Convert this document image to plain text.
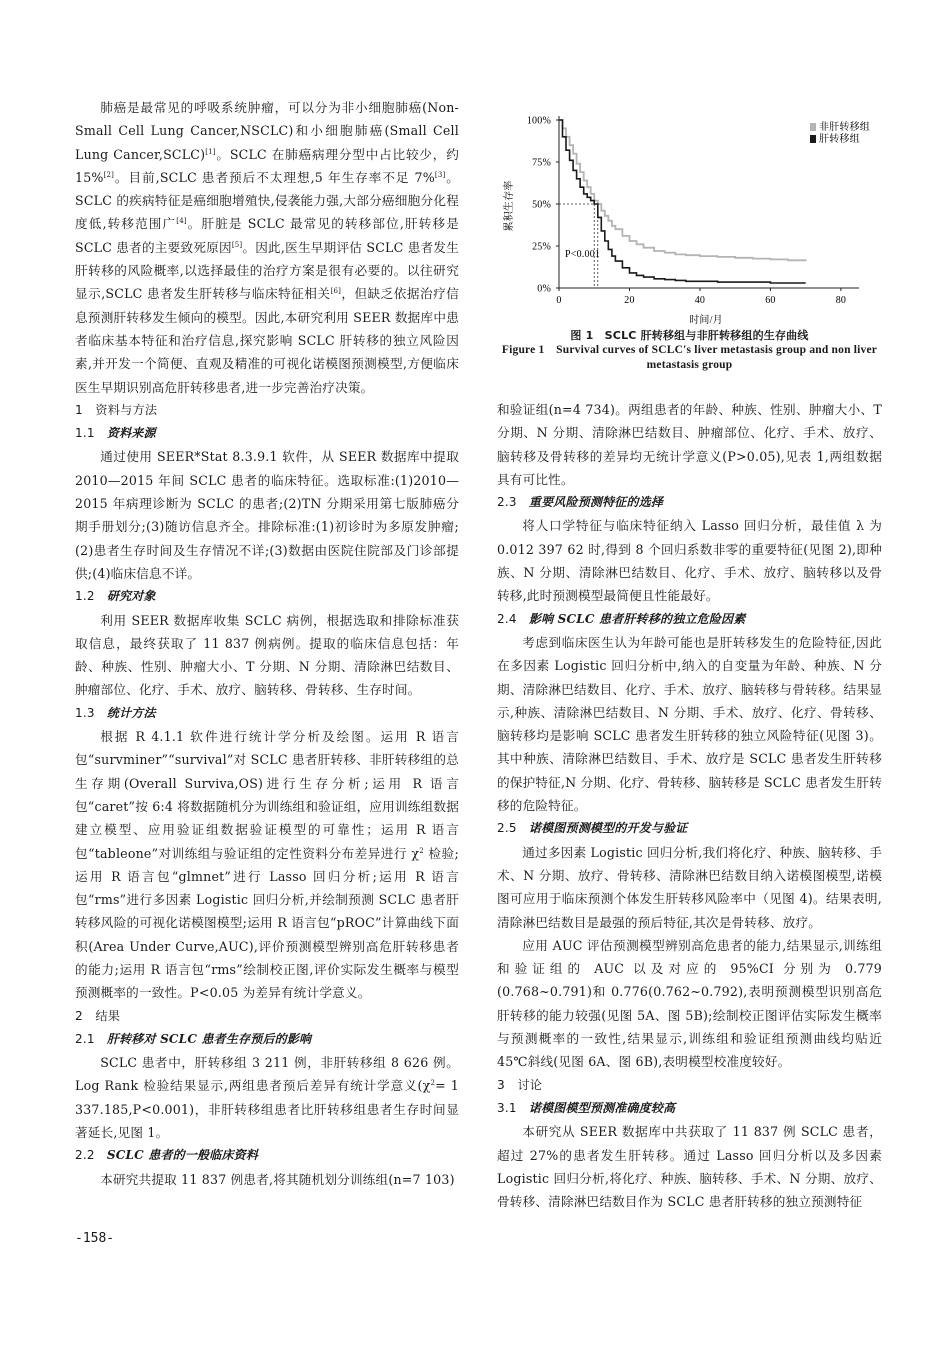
肺癌是最常见的呼吸系统肿瘤，可以分为非小细胞肺癌(Non-Small Cell Lung Cancer,NSCLC)和小细胞肺癌(Small Cell Lung Cancer,SCLC)[1]。SCLC 在肺癌病理分型中占比较少，约 15%[2]。目前,SCLC 患者预后不太理想,5 年生存率不足 7%[3]。SCLC 的疾病特征是癌细胞增殖快,侵袭能力强,大部分癌细胞分化程度低,转移范围广[4]。肝脏是 SCLC 最常见的转移部位,肝转移是 SCLC 患者的主要致死原因[5]。因此,医生早期评估 SCLC 患者发生肝转移的风险概率,以选择最佳的治疗方案是很有必要的。以往研究显示,SCLC 患者发生肝转移与临床特征相关[6]，但缺乏依据治疗信息预测肝转移发生倾向的模型。因此,本研究利用 SEER 数据库中患者临床基本特征和治疗信息,探究影响 SCLC 肝转移的独立风险因素,并开发一个简便、直观及精准的可视化诺模图预测模型,方便临床医生早期识别高危肝转移患者,进一步完善治疗决策。

1　资料与方法

1.1　 资料来源

通过使用 SEER*Stat 8.3.9.1 软件，从 SEER 数据库中提取 2010—2015 年间 SCLC 患者的临床特征。选取标准:(1)2010—2015 年病理诊断为 SCLC 的患者;(2)TN 分期采用第七版肺癌分期手册划分;(3)随访信息齐全。排除标准:(1)初诊时为多原发肿瘤;(2)患者生存时间及生存情况不详;(3)数据由医院住院部及门诊部提供;(4)临床信息不详。

1.2　 研究对象

利用 SEER 数据库收集 SCLC 病例，根据选取和排除标准获取信息，最终获取了 11 837 例病例。提取的临床信息包括：年龄、种族、性别、肿瘤大小、T 分期、N 分期、清除淋巴结数目、肿瘤部位、化疗、手术、放疗、脑转移、骨转移、生存时间。

1.3　 统计方法

根据 R 4.1.1 软件进行统计学分析及绘图。运用 R 语言包“survminer”“survival”对 SCLC 患者肝转移、非肝转移组的总生存期(Overall Surviva,OS)进行生存分析;运用 R 语言包“caret”按 6:4 将数据随机分为训练组和验证组，应用训练组数据建立模型、应用验证组数据验证模型的可靠性；运用 R 语言包“tableone”对训练组与验证组的定性资料分布差异进行 $\chi^2$ 检验;运用 R 语言包“glmnet”进行 Lasso 回归分析;运用 R 语言包“rms”进行多因素 Logistic 回归分析,并绘制预测 SCLC 患者肝转移风险的可视化诺模图模型;运用 R 语言包“pROC”计算曲线下面积(Area Under Curve,AUC),评价预测模型辨别高危肝转移患者的能力;运用 R 语言包“rms”绘制校正图,评价实际发生概率与模型预测概率的一致性。P<0.05 为差异有统计学意义。

2　结果

2.1　 肝转移对 SCLC 患者生存预后的影响

SCLC 患者中，肝转移组 3 211 例，非肝转移组 8 626 例。Log Rank 检验结果显示,两组患者预后差异有统计学意义($\chi^2= 1$ 337.185,P<0.001)，非肝转移组患者比肝转移组患者生存时间显著延长,见图 1。

2.2　 SCLC 患者的一般临床资料

本研究共提取 11 837 例患者,将其随机划分训练组(n=7 103)

0%
25%
50%
75%
100%
0	20	40	60	80
累积生存率
时间/月
P<0.001
非肝转移组
肝转移组
图 1　SCLC 肝转移组与非肝转移组的生存曲线
Figure 1　Survival curves of SCLC′s liver metastasis group and non liver metastasis group

和验证组(n=4 734)。两组患者的年龄、种族、性别、肿瘤大小、T 分期、N 分期、清除淋巴结数目、肿瘤部位、化疗、手术、放疗、脑转移及骨转移的差异均无统计学意义(P>0.05),见表 1,两组数据具有可比性。

2.3　 重要风险预测特征的选择

将人口学特征与临床特征纳入 Lasso 回归分析，最佳值 λ 为 0.012 397 62 时,得到 8 个回归系数非零的重要特征(见图 2),即种族、N 分期、清除淋巴结数目、化疗、手术、放疗、脑转移以及骨转移,此时预测模型最简便且性能最好。

2.4　 影响 SCLC 患者肝转移的独立危险因素

考虑到临床医生认为年龄可能也是肝转移发生的危险特征,因此在多因素 Logistic 回归分析中,纳入的自变量为年龄、种族、N 分期、清除淋巴结数目、化疗、手术、放疗、脑转移与骨转移。结果显示,种族、清除淋巴结数目、N 分期、手术、放疗、化疗、骨转移、脑转移均是影响 SCLC 患者发生肝转移的独立风险特征(见图 3)。其中种族、清除淋巴结数目、手术、放疗是 SCLC 患者发生肝转移的保护特征,N 分期、化疗、骨转移、脑转移是 SCLC 患者发生肝转移的危险特征。

2.5　 诺模图预测模型的开发与验证

通过多因素 Logistic 回归分析,我们将化疗、种族、脑转移、手术、N 分期、放疗、骨转移、清除淋巴结数目纳入诺模图模型,诺模图可应用于临床预测个体发生肝转移风险率中（见图 4)。结果表明,清除淋巴结数目是最强的预后特征,其次是骨转移、放疗。

应用 AUC 评估预测模型辨别高危患者的能力,结果显示,训练组和验证组的 AUC 以及对应的 95%CI 分别为 0.779 (0.768~0.791)和 0.776(0.762~0.792),表明预测模型识别高危肝转移的能力较强(见图 5A、图 5B);绘制校正图评估实际发生概率与预测概率的一致性,结果显示,训练组和验证组预测曲线均贴近 45℃斜线(见图 6A、图 6B),表明模型校准度较好。

3　讨论

3.1　 诺模图模型预测准确度较高

本研究从 SEER 数据库中共获取了 11 837 例 SCLC 患者，超过 27%的患者发生肝转移。通过 Lasso 回归分析以及多因素 Logistic 回归分析,将化疗、种族、脑转移、手术、N 分期、放疗、骨转移、清除淋巴结数目作为 SCLC 患者肝转移的独立预测特征

-158-
